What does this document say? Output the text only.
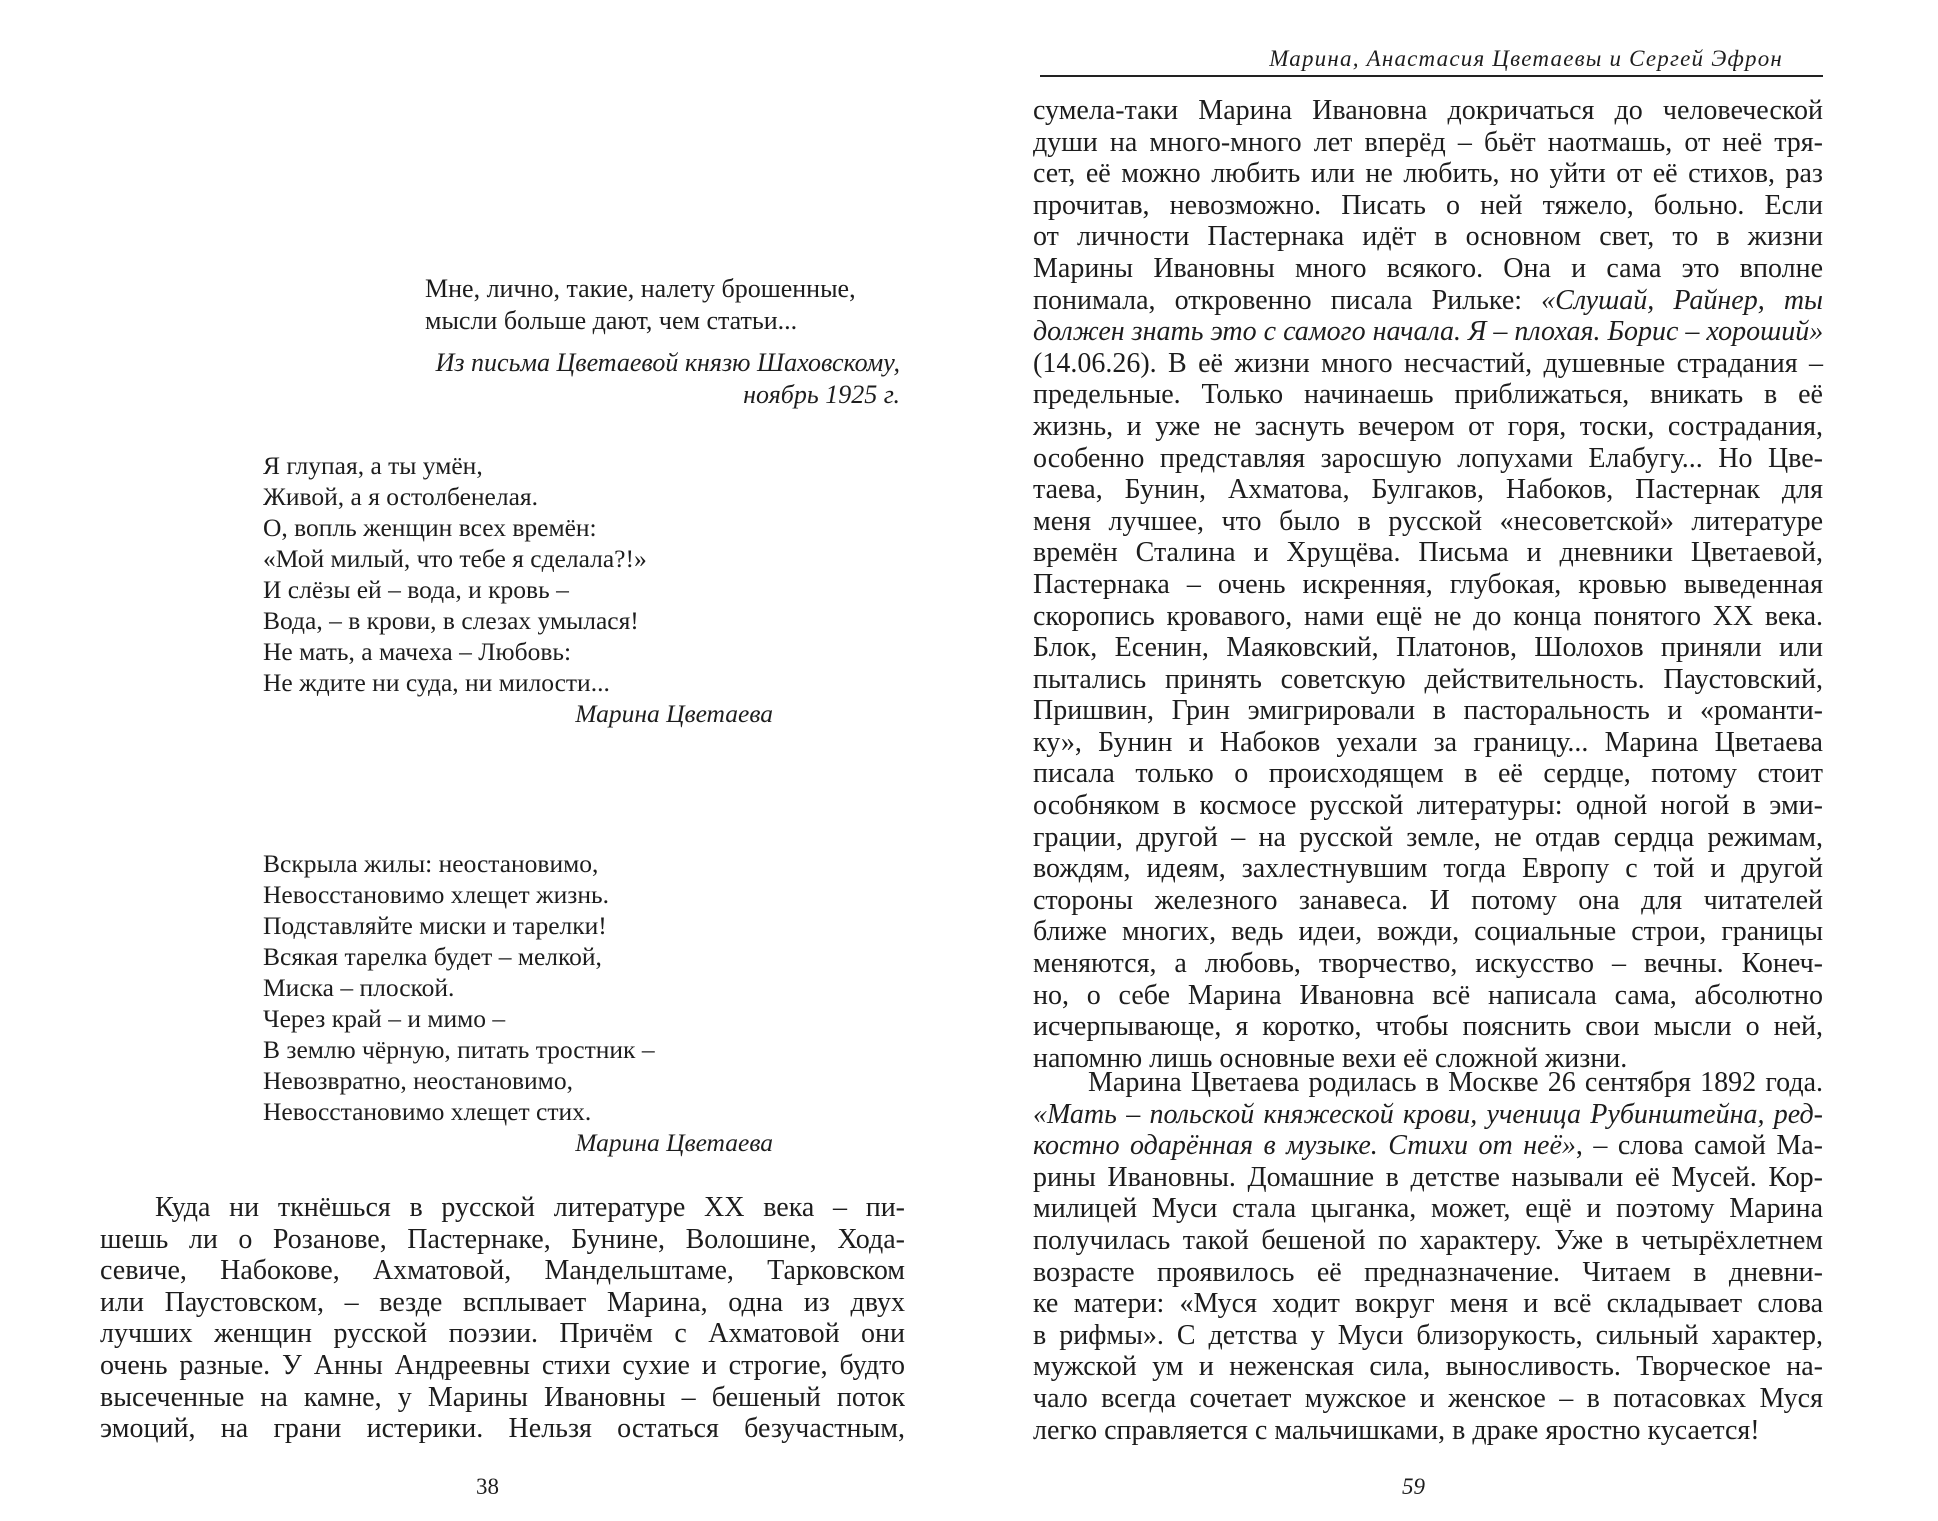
Мне, лично, такие, налету брошенные,
мысли больше дают, чем статьи...
Из письма Цветаевой князю Шаховскому,
ноябрь 1925 г.
Я глупая, а ты умён,
Живой, а я остолбенелая.
О, вопль женщин всех времён:
«Мой милый, что тебе я сделала?!»
И слёзы ей – вода, и кровь –
Вода, – в крови, в слезах умылася!
Не мать, а мачеха – Любовь:
Не ждите ни суда, ни милости...
Марина Цветаева
Вскрыла жилы: неостановимо,
Невосстановимо хлещет жизнь.
Подставляйте миски и тарелки!
Всякая тарелка будет – мелкой,
Миска – плоской.
Через край – и мимо –
В землю чёрную, питать тростник –
Невозвратно, неостановимо,
Невосстановимо хлещет стих.
Марина Цветаева
Куда ни ткнёшься в русской литературе XX века – пи-
шешь ли о Розанове, Пастернаке, Бунине, Волошине, Хода-
севиче, Набокове, Ахматовой, Мандельштаме, Тарковском
или Паустовском, – везде всплывает Марина, одна из двух
лучших женщин русской поэзии. Причём с Ахматовой они
очень разные. У Анны Андреевны стихи сухие и строгие, будто
высеченные на камне, у Марины Ивановны – бешеный поток
эмоций, на грани истерики. Нельзя остаться безучастным,
38
Марина, Анастасия Цветаевы и Сергей Эфрон
сумела-таки Марина Ивановна докричаться до человеческой
души на много-много лет вперёд – бьёт наотмашь, от неё тря-
сет, её можно любить или не любить, но уйти от её стихов, раз
прочитав, невозможно. Писать о ней тяжело, больно. Если
от личности Пастернака идёт в основном свет, то в жизни
Марины Ивановны много всякого. Она и сама это вполне
понимала, откровенно писала Рильке: «Слушай, Райнер, ты
должен знать это с самого начала. Я – плохая. Борис – хороший»
(14.06.26). В её жизни много несчастий, душевные страдания –
предельные. Только начинаешь приближаться, вникать в её
жизнь, и уже не заснуть вечером от горя, тоски, сострадания,
особенно представляя заросшую лопухами Елабугу... Но Цве-
таева, Бунин, Ахматова, Булгаков, Набоков, Пастернак для
меня лучшее, что было в русской «несоветской» литературе
времён Сталина и Хрущёва. Письма и дневники Цветаевой,
Пастернака – очень искренняя, глубокая, кровью выведенная
скоропись кровавого, нами ещё не до конца понятого XX века.
Блок, Есенин, Маяковский, Платонов, Шолохов приняли или
пытались принять советскую действительность. Паустовский,
Пришвин, Грин эмигрировали в пасторальность и «романти-
ку», Бунин и Набоков уехали за границу... Марина Цветаева
писала только о происходящем в её сердце, потому стоит
особняком в космосе русской литературы: одной ногой в эми-
грации, другой – на русской земле, не отдав сердца режимам,
вождям, идеям, захлестнувшим тогда Европу с той и другой
стороны железного занавеса. И потому она для читателей
ближе многих, ведь идеи, вожди, социальные строи, границы
меняются, а любовь, творчество, искусство – вечны. Конеч-
но, о себе Марина Ивановна всё написала сама, абсолютно
исчерпывающе, я коротко, чтобы пояснить свои мысли о ней,
напомню лишь основные вехи её сложной жизни.
Марина Цветаева родилась в Москве 26 сентября 1892 года.
«Мать – польской княжеской крови, ученица Рубинштейна, ред-
костно одарённая в музыке. Стихи от неё», – слова самой Ма-
рины Ивановны. Домашние в детстве называли её Мусей. Кор-
милицей Муси стала цыганка, может, ещё и поэтому Марина
получилась такой бешеной по характеру. Уже в четырёхлетнем
возрасте проявилось её предназначение. Читаем в дневни-
ке матери: «Муся ходит вокруг меня и всё складывает слова
в рифмы». С детства у Муси близорукость, сильный характер,
мужской ум и неженская сила, выносливость. Творческое на-
чало всегда сочетает мужское и женское – в потасовках Муся
легко справляется с мальчишками, в драке яростно кусается!
59
